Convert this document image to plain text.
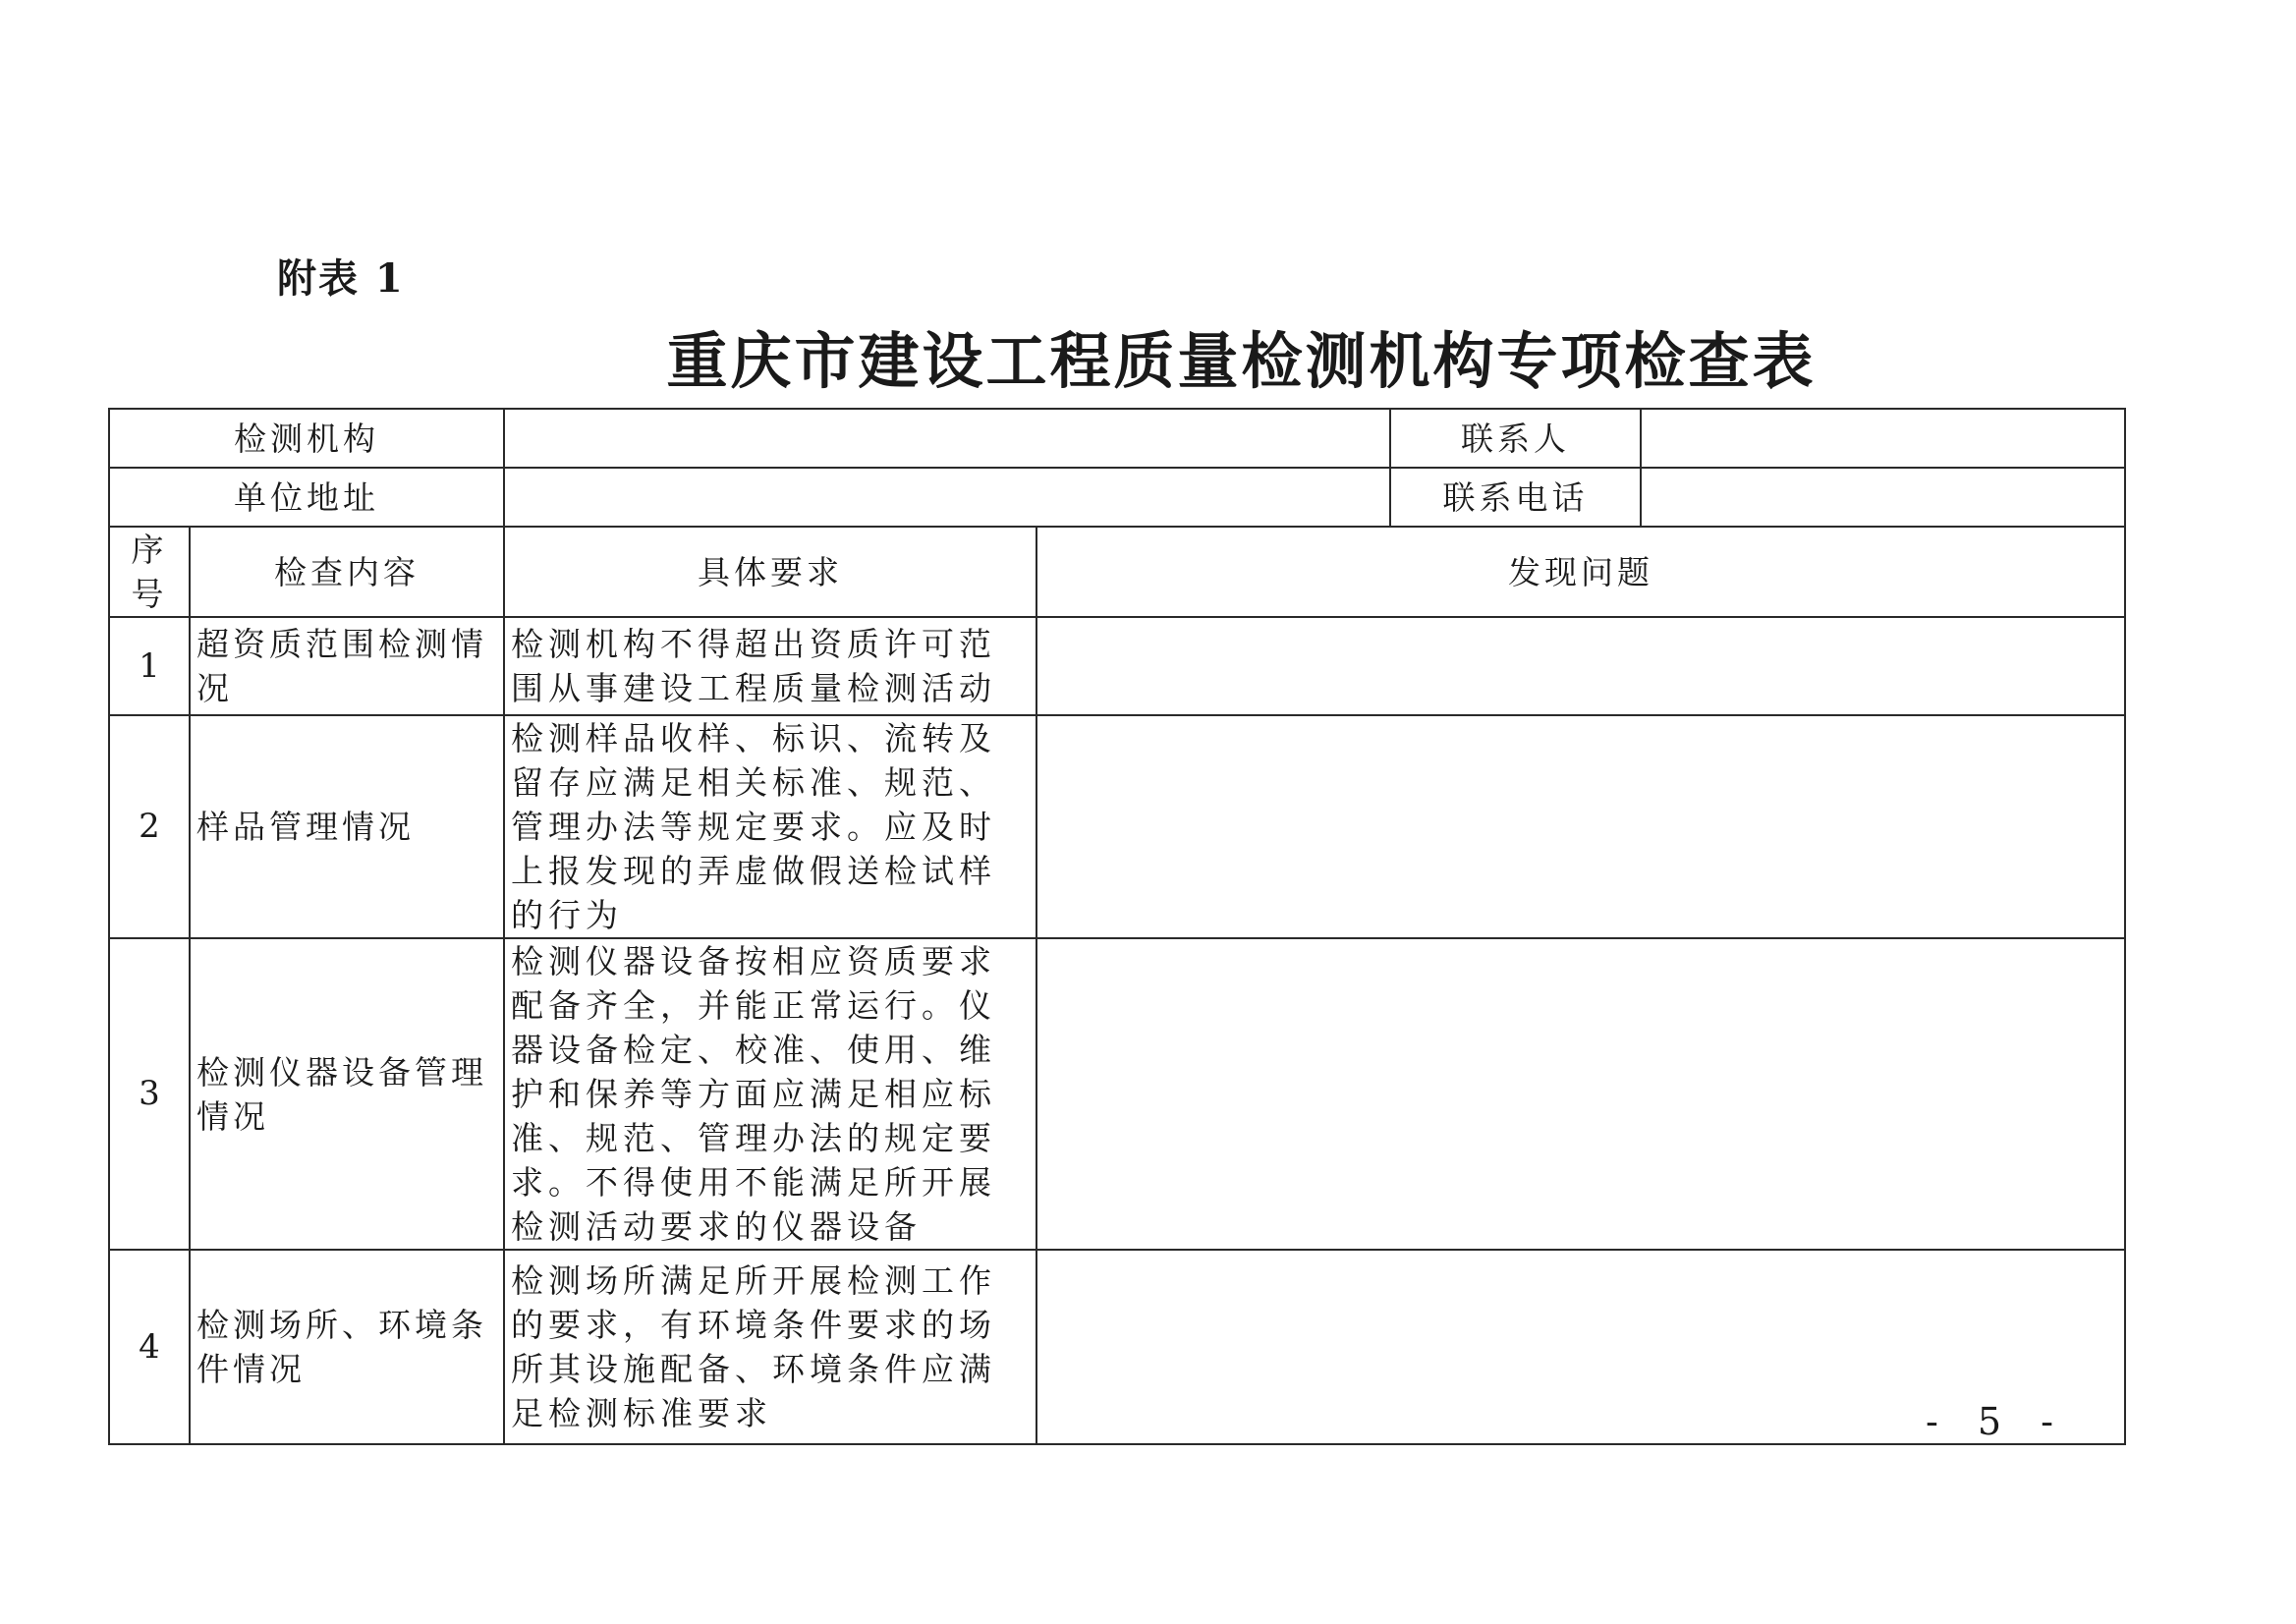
附表 1
重庆市建设工程质量检测机构专项检查表
检测机构				联系人	
单位地址				联系电话	
序号	检查内容	具体要求	发现问题		
1	超资质范围检测情况	检测机构不得超出资质许可范围从事建设工程质量检测活动			
2	样品管理情况	检测样品收样、标识、流转及留存应满足相关标准、规范、管理办法等规定要求。应及时上报发现的弄虚做假送检试样的行为			
3	检测仪器设备管理情况	检测仪器设备按相应资质要求配备齐全，并能正常运行。仪器设备检定、校准、使用、维护和保养等方面应满足相应标准、规范、管理办法的规定要求。不得使用不能满足所开展检测活动要求的仪器设备			
4	检测场所、环境条件情况	检测场所满足所开展检测工作的要求，有环境条件要求的场所其设施配备、环境条件应满足检测标准要求				- 5 -
